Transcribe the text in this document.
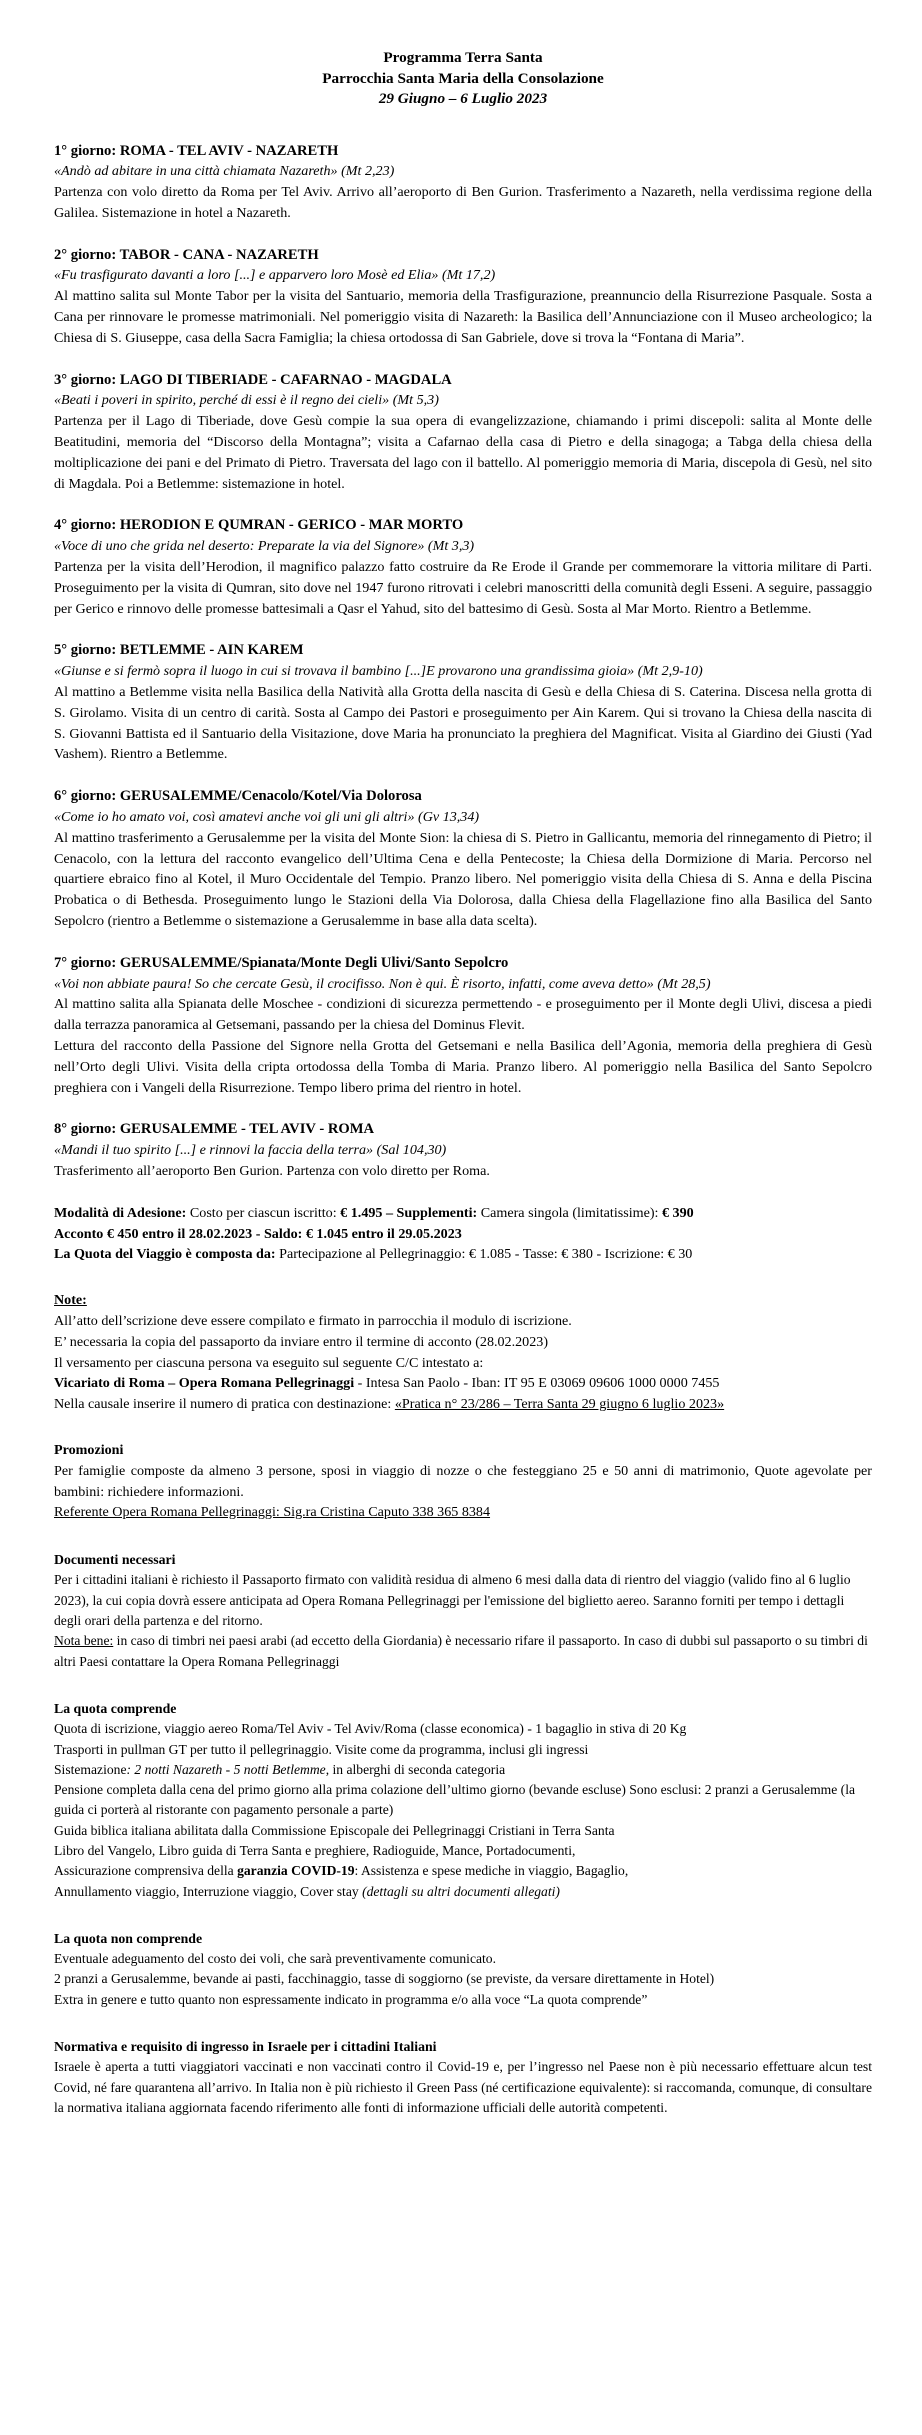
Programma Terra Santa
Parrocchia Santa Maria della Consolazione
29 Giugno – 6 Luglio 2023
1° giorno: ROMA - TEL AVIV - NAZARETH
«Andò ad abitare in una città chiamata Nazareth» (Mt 2,23)

Partenza con volo diretto da Roma per Tel Aviv. Arrivo all’aeroporto di Ben Gurion. Trasferimento a Nazareth, nella verdissima regione della Galilea. Sistemazione in hotel a Nazareth.

2° giorno: TABOR - CANA - NAZARETH
«Fu trasfigurato davanti a loro [...] e apparvero loro Mosè ed Elia» (Mt 17,2)

Al mattino salita sul Monte Tabor per la visita del Santuario, memoria della Trasfigurazione, preannuncio della Risurrezione Pasquale. Sosta a Cana per rinnovare le promesse matrimoniali. Nel pomeriggio visita di Nazareth: la Basilica dell’Annunciazione con il Museo archeologico; la Chiesa di S. Giuseppe, casa della Sacra Famiglia; la chiesa ortodossa di San Gabriele, dove si trova la “Fontana di Maria”.

3° giorno: LAGO DI TIBERIADE - CAFARNAO - MAGDALA
«Beati i poveri in spirito, perché di essi è il regno dei cieli» (Mt 5,3)

Partenza per il Lago di Tiberiade, dove Gesù compie la sua opera di evangelizzazione, chiamando i primi discepoli: salita al Monte delle Beatitudini, memoria del “Discorso della Montagna”; visita a Cafarnao della casa di Pietro e della sinagoga; a Tabga della chiesa della moltiplicazione dei pani e del Primato di Pietro. Traversata del lago con il battello. Al pomeriggio memoria di Maria, discepola di Gesù, nel sito di Magdala. Poi a Betlemme: sistemazione in hotel.

4° giorno: HERODION E QUMRAN - GERICO - MAR MORTO
«Voce di uno che grida nel deserto: Preparate la via del Signore» (Mt 3,3)

Partenza per la visita dell’Herodion, il magnifico palazzo fatto costruire da Re Erode il Grande per commemorare la vittoria militare di Parti. Proseguimento per la visita di Qumran, sito dove nel 1947 furono ritrovati i celebri manoscritti della comunità degli Esseni. A seguire, passaggio per Gerico e rinnovo delle promesse battesimali a Qasr el Yahud, sito del battesimo di Gesù. Sosta al Mar Morto. Rientro a Betlemme.

5° giorno: BETLEMME - AIN KAREM
«Giunse e si fermò sopra il luogo in cui si trovava il bambino [...]E provarono una grandissima gioia» (Mt 2,9-10)

Al mattino a Betlemme visita nella Basilica della Natività alla Grotta della nascita di Gesù e della Chiesa di S. Caterina. Discesa nella grotta di S. Girolamo. Visita di un centro di carità. Sosta al Campo dei Pastori e proseguimento per Ain Karem. Qui si trovano la Chiesa della nascita di S. Giovanni Battista ed il Santuario della Visitazione, dove Maria ha pronunciato la preghiera del Magnificat. Visita al Giardino dei Giusti (Yad Vashem). Rientro a Betlemme.

6° giorno: GERUSALEMME/Cenacolo/Kotel/Via Dolorosa
«Come io ho amato voi, così amatevi anche voi gli uni gli altri» (Gv 13,34)

Al mattino trasferimento a Gerusalemme per la visita del Monte Sion: la chiesa di S. Pietro in Gallicantu, memoria del rinnegamento di Pietro; il Cenacolo, con la lettura del racconto evangelico dell’Ultima Cena e della Pentecoste; la Chiesa della Dormizione di Maria. Percorso nel quartiere ebraico fino al Kotel, il Muro Occidentale del Tempio. Pranzo libero. Nel pomeriggio visita della Chiesa di S. Anna e della Piscina Probatica o di Bethesda. Proseguimento lungo le Stazioni della Via Dolorosa, dalla Chiesa della Flagellazione fino alla Basilica del Santo Sepolcro (rientro a Betlemme o sistemazione a Gerusalemme in base alla data scelta).

7° giorno: GERUSALEMME/Spianata/Monte Degli Ulivi/Santo Sepolcro
«Voi non abbiate paura! So che cercate Gesù, il crocifisso. Non è qui. È risorto, infatti, come aveva detto» (Mt 28,5)

Al mattino salita alla Spianata delle Moschee - condizioni di sicurezza permettendo - e proseguimento per il Monte degli Ulivi, discesa a piedi dalla terrazza panoramica al Getsemani, passando per la chiesa del Dominus Flevit.

Lettura del racconto della Passione del Signore nella Grotta del Getsemani e nella Basilica dell’Agonia, memoria della preghiera di Gesù nell’Orto degli Ulivi. Visita della cripta ortodossa della Tomba di Maria. Pranzo libero. Al pomeriggio nella Basilica del Santo Sepolcro preghiera con i Vangeli della Risurrezione. Tempo libero prima del rientro in hotel.

8° giorno: GERUSALEMME - TEL AVIV - ROMA
«Mandi il tuo spirito [...] e rinnovi la faccia della terra» (Sal 104,30)

Trasferimento all’aeroporto Ben Gurion. Partenza con volo diretto per Roma.

Modalità di Adesione: Costo per ciascun iscritto: € 1.495 – Supplementi: Camera singola (limitatissime): € 390
Acconto € 450 entro il 28.02.2023 - Saldo: € 1.045 entro il 29.05.2023
La Quota del Viaggio è composta da: Partecipazione al Pellegrinaggio: € 1.085 - Tasse: € 380 - Iscrizione: € 30
Note:
All’atto dell’scrizione deve essere compilato e firmato in parrocchia il modulo di iscrizione.
E’ necessaria la copia del passaporto da inviare entro il termine di acconto (28.02.2023)
Il versamento per ciascuna persona va eseguito sul seguente C/C intestato a:
Vicariato di Roma – Opera Romana Pellegrinaggi - Intesa San Paolo - Iban: IT 95 E 03069 09606 1000 0000 7455
Nella causale inserire il numero di pratica con destinazione: «Pratica n° 23/286 – Terra Santa 29 giugno 6 luglio 2023»
Promozioni

Per famiglie composte da almeno 3 persone, sposi in viaggio di nozze o che festeggiano 25 e 50 anni di matrimonio, Quote agevolate per bambini: richiedere informazioni.

Referente Opera Romana Pellegrinaggi: Sig.ra Cristina Caputo 338 365 8384
Documenti necessari

Per i cittadini italiani è richiesto il Passaporto firmato con validità residua di almeno 6 mesi dalla data di rientro del viaggio (valido fino al 6 luglio 2023), la cui copia dovrà essere anticipata ad Opera Romana Pellegrinaggi per l'emissione del biglietto aereo. Saranno forniti per tempo i dettagli degli orari della partenza e del ritorno.

Nota bene: in caso di timbri nei paesi arabi (ad eccetto della Giordania) è necessario rifare il passaporto. In caso di dubbi sul passaporto o su timbri di altri Paesi contattare la Opera Romana Pellegrinaggi

La quota comprende
Quota di iscrizione, viaggio aereo Roma/Tel Aviv - Tel Aviv/Roma (classe economica) - 1 bagaglio in stiva di 20 Kg
Trasporti in pullman GT per tutto il pellegrinaggio. Visite come da programma, inclusi gli ingressi
Sistemazione: 2 notti Nazareth - 5 notti Betlemme, in alberghi di seconda categoria
Pensione completa dalla cena del primo giorno alla prima colazione dell’ultimo giorno (bevande escluse) Sono esclusi: 2 pranzi a Gerusalemme (la guida ci porterà al ristorante con pagamento personale a parte)
Guida biblica italiana abilitata dalla Commissione Episcopale dei Pellegrinaggi Cristiani in Terra Santa
Libro del Vangelo, Libro guida di Terra Santa e preghiere, Radioguide, Mance, Portadocumenti,
Assicurazione comprensiva della garanzia COVID-19: Assistenza e spese mediche in viaggio, Bagaglio,
Annullamento viaggio, Interruzione viaggio, Cover stay (dettagli su altri documenti allegati)
La quota non comprende
Eventuale adeguamento del costo dei voli, che sarà preventivamente comunicato.
2 pranzi a Gerusalemme, bevande ai pasti, facchinaggio, tasse di soggiorno (se previste, da versare direttamente in Hotel)
Extra in genere e tutto quanto non espressamente indicato in programma e/o alla voce “La quota comprende”
Normativa e requisito di ingresso in Israele per i cittadini Italiani

Israele è aperta a tutti viaggiatori vaccinati e non vaccinati contro il Covid-19 e, per l’ingresso nel Paese non è più necessario effettuare alcun test Covid, né fare quarantena all’arrivo. In Italia non è più richiesto il Green Pass (né certificazione equivalente): si raccomanda, comunque, di consultare la normativa italiana aggiornata facendo riferimento alle fonti di informazione ufficiali delle autorità competenti.
